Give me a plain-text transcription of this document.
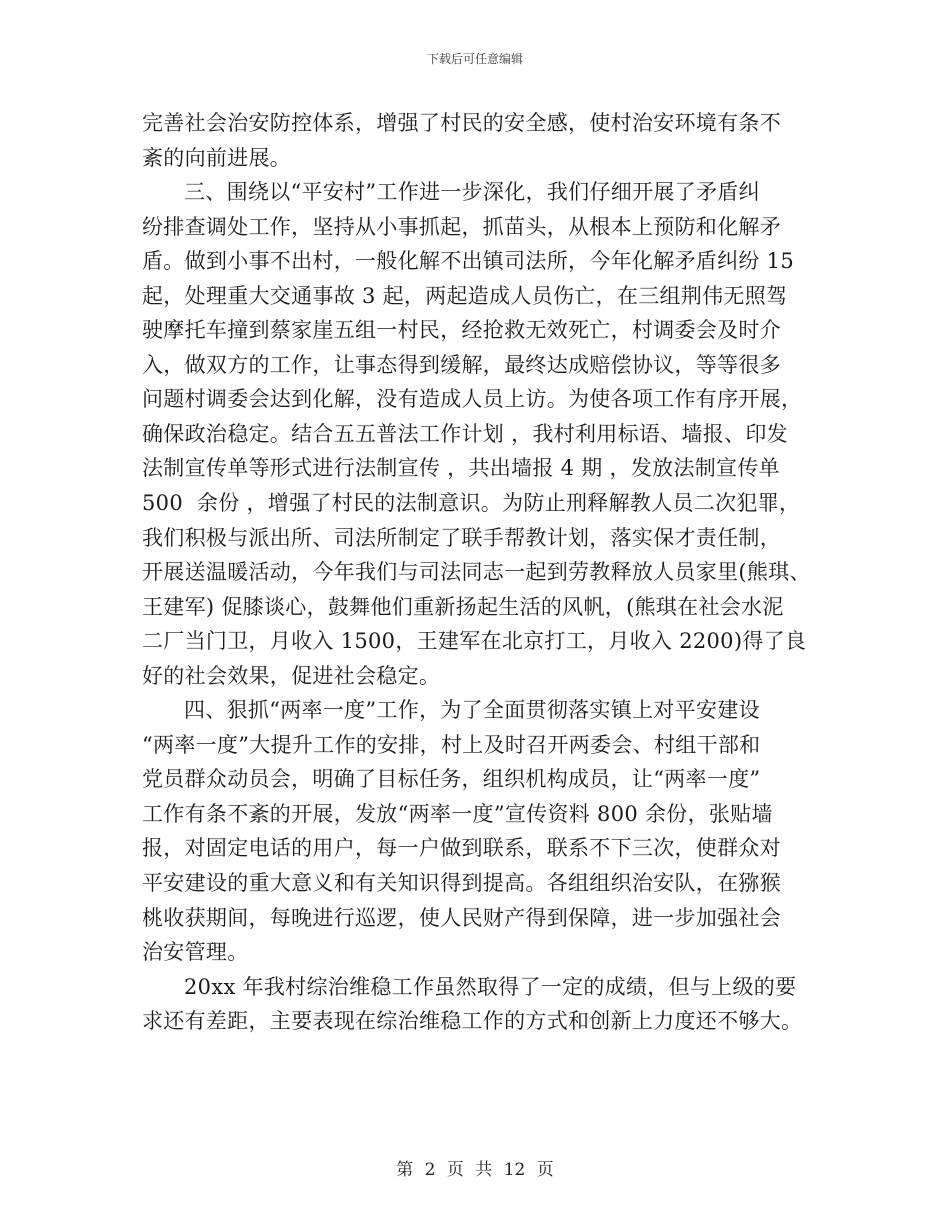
下载后可任意编辑
完善社会治安防控体系，增强了村民的安全感，使村治安环境有条不
紊的向前进展。
三、围绕以“平安村”工作进一步深化，我们仔细开展了矛盾纠
纷排查调处工作，坚持从小事抓起，抓苗头，从根本上预防和化解矛
盾。做到小事不出村，一般化解不出镇司法所，今年化解矛盾纠纷 15
起，处理重大交通事故 3 起，两起造成人员伤亡，在三组荆伟无照驾
驶摩托车撞到蔡家崖五组一村民，经抢救无效死亡，村调委会及时介
入，做双方的工作，让事态得到缓解，最终达成赔偿协议，等等很多
问题村调委会达到化解，没有造成人员上访。为使各项工作有序开展，
确保政治稳定。结合五五普法工作计划 ，我村利用标语、墙报、印发
法制宣传单等形式进行法制宣传 ，共出墙报 4 期 ，发放法制宣传单
500  余份 ，增强了村民的法制意识。为防止刑释解教人员二次犯罪，
我们积极与派出所、司法所制定了联手帮教计划，落实保才责任制，
开展送温暖活动，今年我们与司法同志一起到劳教释放人员家里(熊琪、
王建军) 促膝谈心，鼓舞他们重新扬起生活的风帆，(熊琪在社会水泥
二厂当门卫，月收入 1500，王建军在北京打工，月收入 2200)得了良
好的社会效果，促进社会稳定。
四、狠抓“两率一度”工作，为了全面贯彻落实镇上对平安建设
“两率一度”大提升工作的安排，村上及时召开两委会、村组干部和
党员群众动员会，明确了目标任务，组织机构成员，让“两率一度”
工作有条不紊的开展，发放“两率一度”宣传资料 800 余份，张贴墙
报，对固定电话的用户，每一户做到联系，联系不下三次，使群众对
平安建设的重大意义和有关知识得到提高。各组组织治安队，在猕猴
桃收获期间，每晚进行巡逻，使人民财产得到保障，进一步加强社会
治安管理。
20xx 年我村综治维稳工作虽然取得了一定的成绩，但与上级的要
求还有差距，主要表现在综治维稳工作的方式和创新上力度还不够大。
第 2 页 共 12 页
